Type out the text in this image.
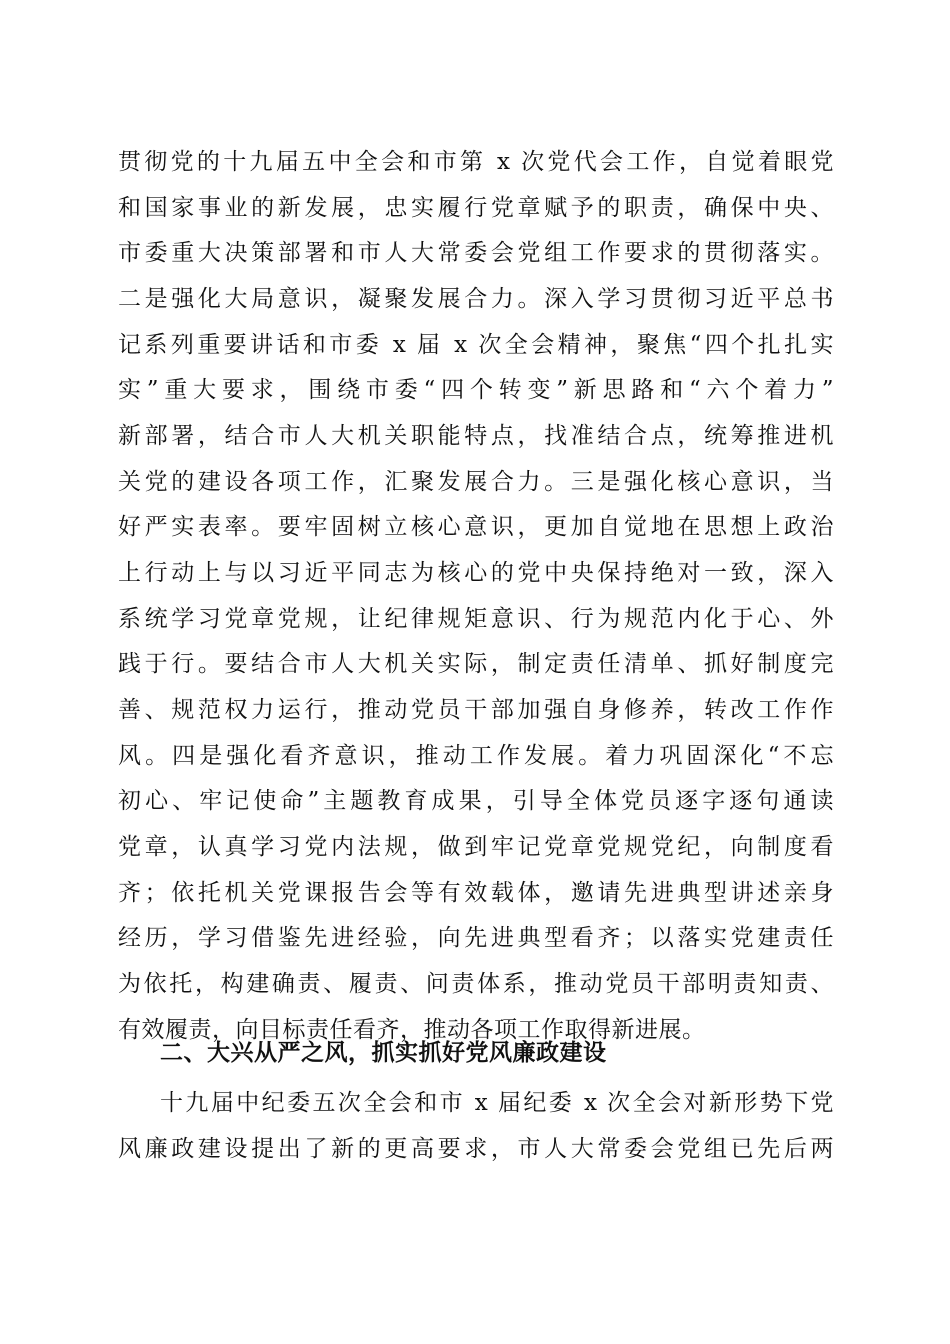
贯彻党的十九届五中全会和市第 x 次党代会工作，自觉着眼党
和国家事业的新发展，忠实履行党章赋予的职责，确保中央、
市委重大决策部署和市人大常委会党组工作要求的贯彻落实。
二是强化大局意识，凝聚发展合力。深入学习贯彻习近平总书
记系列重要讲话和市委 x 届 x 次全会精神，聚焦“四个扎扎实
实”重大要求，围绕市委“四个转变”新思路和“六个着力”
新部署，结合市人大机关职能特点，找准结合点，统筹推进机
关党的建设各项工作，汇聚发展合力。三是强化核心意识，当
好严实表率。要牢固树立核心意识，更加自觉地在思想上政治
上行动上与以习近平同志为核心的党中央保持绝对一致，深入
系统学习党章党规，让纪律规矩意识、行为规范内化于心、外
践于行。要结合市人大机关实际，制定责任清单、抓好制度完
善、规范权力运行，推动党员干部加强自身修养，转改工作作
风。四是强化看齐意识，推动工作发展。着力巩固深化“不忘
初心、牢记使命”主题教育成果，引导全体党员逐字逐句通读
党章，认真学习党内法规，做到牢记党章党规党纪，向制度看
齐；依托机关党课报告会等有效载体，邀请先进典型讲述亲身
经历，学习借鉴先进经验，向先进典型看齐；以落实党建责任
为依托，构建确责、履责、问责体系，推动党员干部明责知责、
有效履责，向目标责任看齐，推动各项工作取得新进展。
二、大兴从严之风，抓实抓好党风廉政建设
十九届中纪委五次全会和市 x 届纪委 x 次全会对新形势下党
风廉政建设提出了新的更高要求，市人大常委会党组已先后两
